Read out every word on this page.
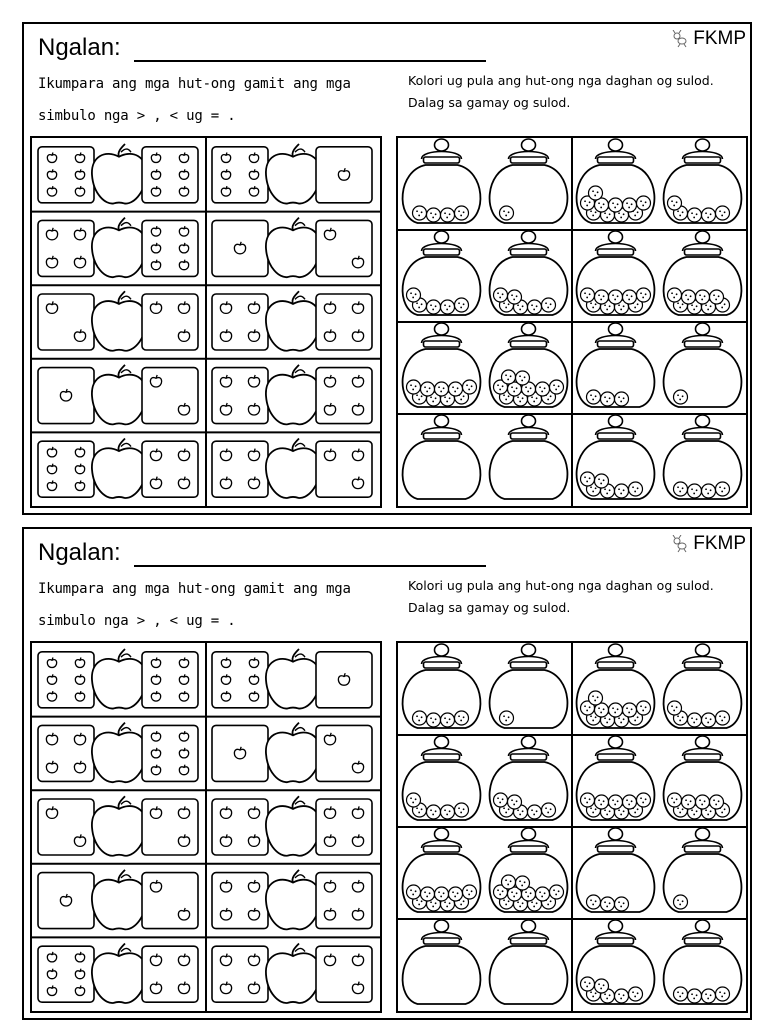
Ngalan:	FKMP
Ikumpara ang mga hut-ong gamit ang mga simbulo nga > , < ug = .
Kolori ug pula ang hut-ong nga daghan og sulod. Dalag sa gamay og sulod.
Ngalan:	FKMP
Ikumpara ang mga hut-ong gamit ang mga simbulo nga > , < ug = .
Kolori ug pula ang hut-ong nga daghan og sulod. Dalag sa gamay og sulod.
